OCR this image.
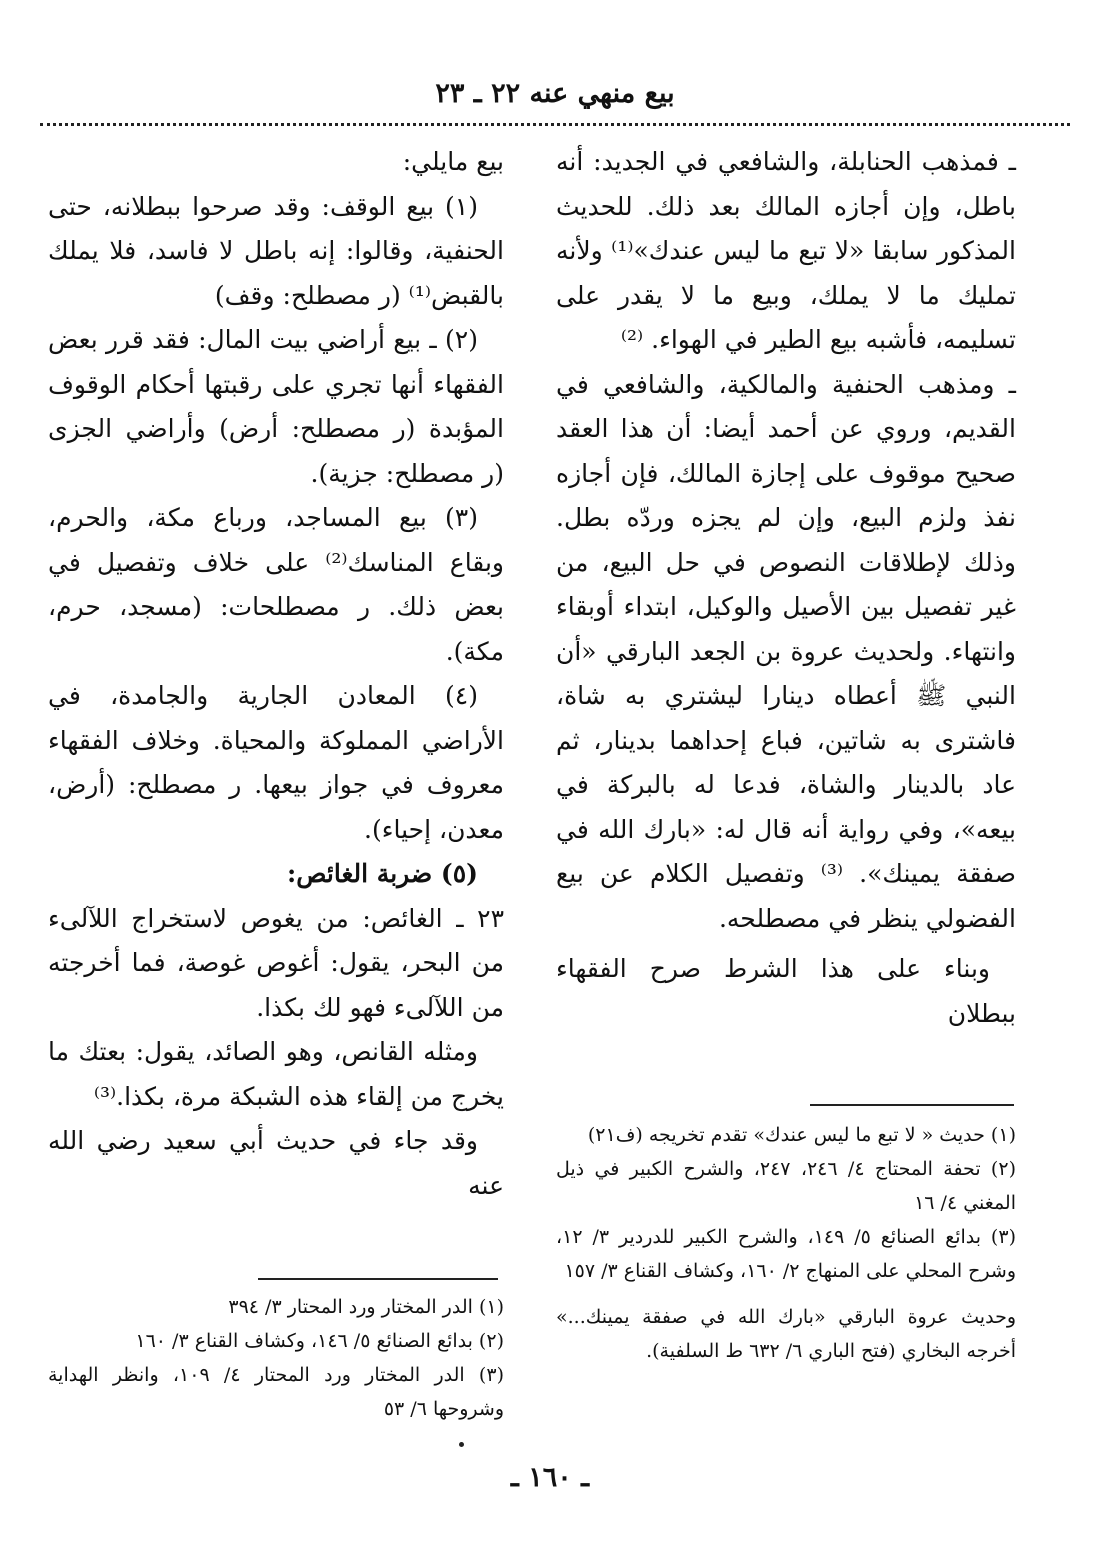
بيع منهي عنه ٢٢ ـ ٢٣

ـ فمذهب الحنابلة، والشافعي في الجديد: أنه باطل، وإن أجازه المالك بعد ذلك. للحديث المذكور سابقا «لا تبع ما ليس عندك»⁽¹⁾ ولأنه تمليك ما لا يملك، وبيع ما لا يقدر على تسليمه، فأشبه بيع الطير في الهواء. ⁽²⁾

ـ ومذهب الحنفية والمالكية، والشافعي في القديم، وروي عن أحمد أيضا: أن هذا العقد صحيح موقوف على إجازة المالك، فإن أجازه نفذ ولزم البيع، وإن لم يجزه وردّه بطل. وذلك لإطلاقات النصوص في حل البيع، من غير تفصيل بين الأصيل والوكيل، ابتداء أوبقاء وانتهاء. ولحديث عروة بن الجعد البارقي «أن النبي ﷺ أعطاه دينارا ليشتري به شاة، فاشترى به شاتين، فباع إحداهما بدينار، ثم عاد بالدينار والشاة، فدعا له بالبركة في بيعه»، وفي رواية أنه قال له: «بارك الله في صفقة يمينك». ⁽³⁾ وتفصيل الكلام عن بيع الفضولي ينظر في مصطلحه.

وبناء على هذا الشرط صرح الفقهاء ببطلان

(١) حديث « لا تبع ما ليس عندك» تقدم تخريجه (ف٢١)

(٢) تحفة المحتاج ٤/ ٢٤٦، ٢٤٧، والشرح الكبير في ذيل المغني ٤/ ١٦

(٣) بدائع الصنائع ٥/ ١٤٩، والشرح الكبير للدردير ٣/ ١٢، وشرح المحلي على المنهاج ٢/ ١٦٠، وكشاف القناع ٣/ ١٥٧

وحديث عروة البارقي «بارك الله في صفقة يمينك...» أخرجه البخاري (فتح الباري ٦/ ٦٣٢ ط السلفية).

بيع مايلي:

(١) بيع الوقف: وقد صرحوا ببطلانه، حتى الحنفية، وقالوا: إنه باطل لا فاسد، فلا يملك بالقبض⁽¹⁾ (ر مصطلح: وقف)

(٢) ـ بيع أراضي بيت المال: فقد قرر بعض الفقهاء أنها تجري على رقبتها أحكام الوقوف المؤبدة (ر مصطلح: أرض) وأراضي الجزى (ر مصطلح: جزية).

(٣) بيع المساجد، ورباع مكة، والحرم، وبقاع المناسك⁽²⁾ على خلاف وتفصيل في بعض ذلك. ر مصطلحات: (مسجد، حرم، مكة).

(٤) المعادن الجارية والجامدة، في الأراضي المملوكة والمحياة. وخلاف الفقهاء معروف في جواز بيعها. ر مصطلح: (أرض، معدن، إحياء).

(٥) ضربة الغائص:

٢٣ ـ الغائص: من يغوص لاستخراج اللآلىء من البحر، يقول: أغوص غوصة، فما أخرجته من اللآلىء فهو لك بكذا.

ومثله القانص، وهو الصائد، يقول: بعتك ما يخرج من إلقاء هذه الشبكة مرة، بكذا.⁽³⁾

وقد جاء في حديث أبي سعيد رضي الله عنه

(١) الدر المختار ورد المحتار ٣/ ٣٩٤

(٢) بدائع الصنائع ٥/ ١٤٦، وكشاف القناع ٣/ ١٦٠

(٣) الدر المختار ورد المحتار ٤/ ١٠٩، وانظر الهداية وشروحها ٦/ ٥٣

ـ ١٦٠ ـ
